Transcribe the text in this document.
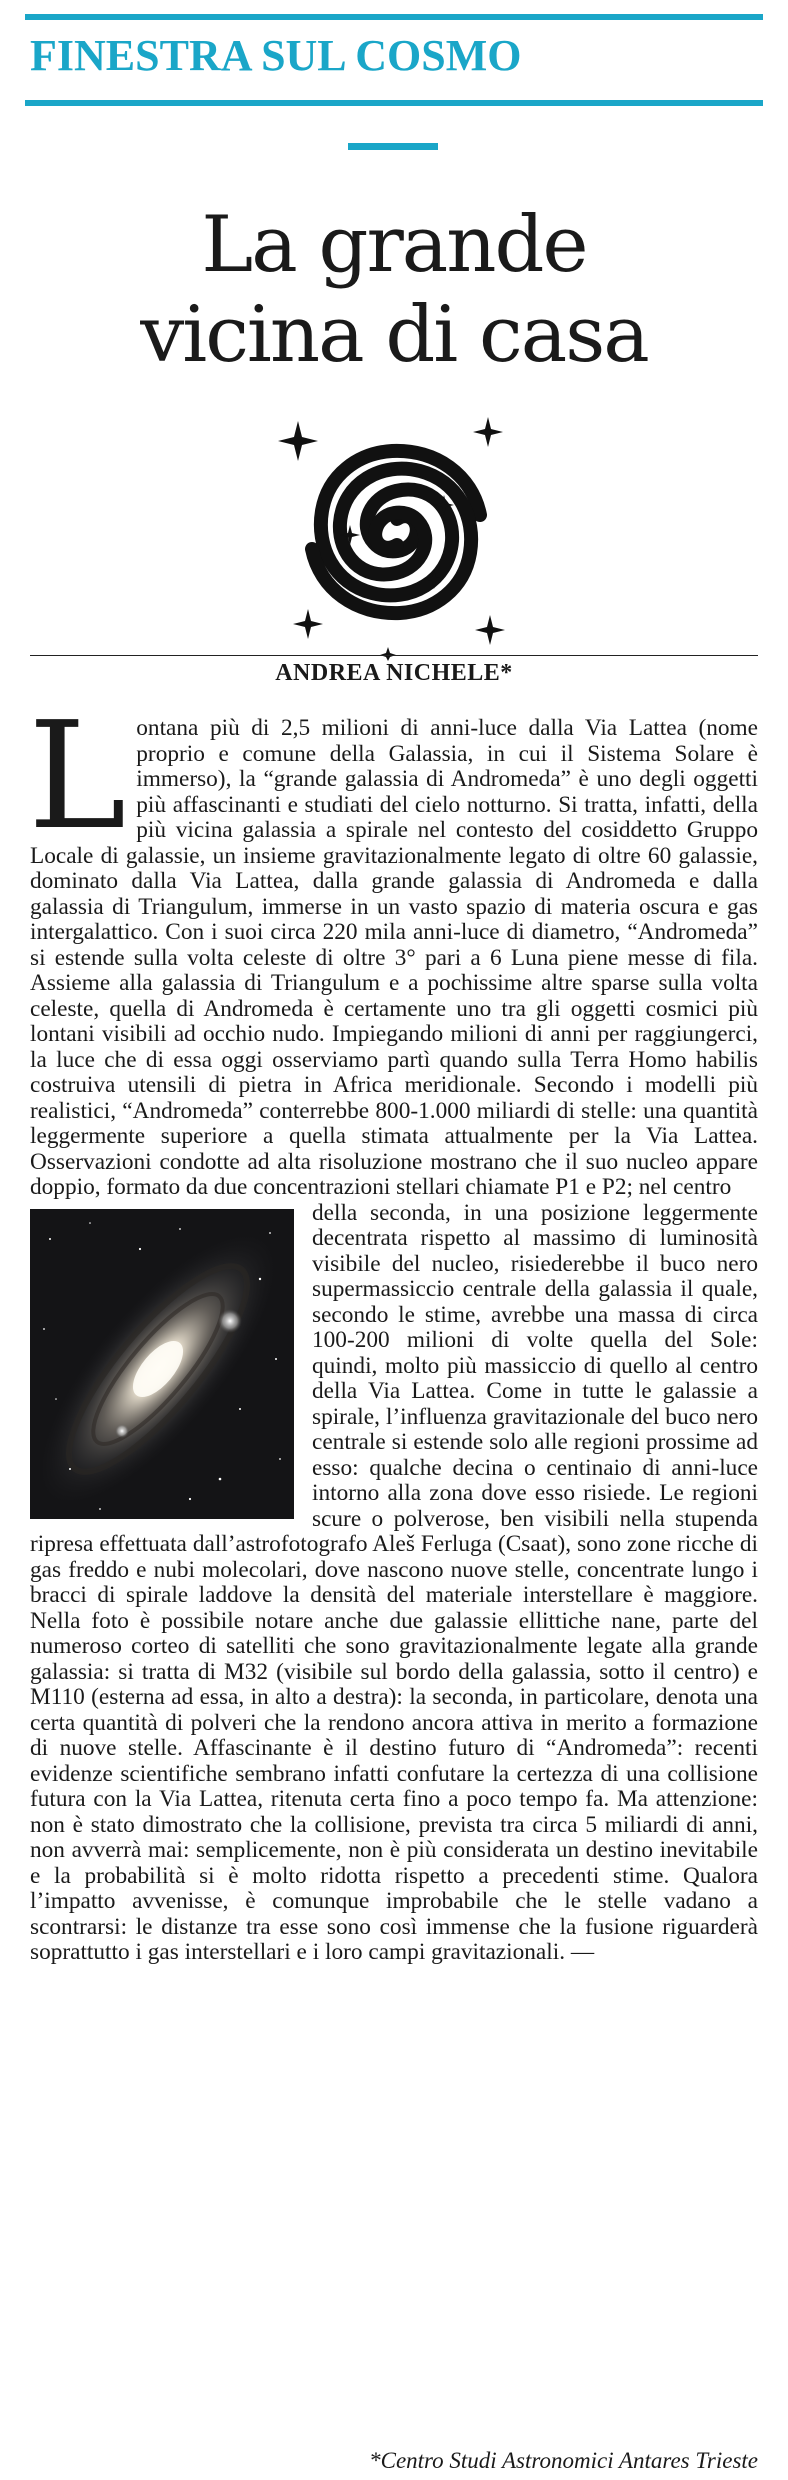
FINESTRA SUL COSMO
La grande
vicina di casa
ANDREA NICHELE*

L ontana più di 2,5 milioni di anni-luce dalla Via Lattea (nome proprio e comune della Galassia, in cui il Sistema Solare è immerso), la “grande galassia di Andromeda” è uno degli oggetti più affascinanti e studiati del cielo notturno. Si tratta, infatti, della più vicina galassia a spirale nel contesto del cosiddetto Gruppo Locale di galassie, un insieme gravitazionalmente legato di oltre 60 galassie, dominato dalla Via Lattea, dalla grande galassia di Andromeda e dalla galassia di Triangulum, immerse in un vasto spazio di materia oscura e gas intergalattico. Con i suoi circa 220 mila anni-luce di diametro, “Andromeda” si estende sulla volta celeste di oltre 3° pari a 6 Luna piene messe di fila. Assieme alla galassia di Triangulum e a pochissime altre sparse sulla volta celeste, quella di Andromeda è certamente uno tra gli oggetti cosmici più lontani visibili ad occhio nudo. Impiegando milioni di anni per raggiungerci, la luce che di essa oggi osserviamo partì quando sulla Terra Homo habilis costruiva utensili di pietra in Africa meridionale. Secondo i modelli più realistici, “Andromeda” conterrebbe 800-1.000 miliardi di stelle: una quantità leggermente superiore a quella stimata attualmente per la Via Lattea. Osservazioni condotte ad alta risoluzione mostrano che il suo nucleo appare doppio, formato da due concentrazioni stellari chiamate P1 e P2; nel centro

della seconda, in una posizione leggermente decentrata rispetto al massimo di luminosità visibile del nucleo, risiederebbe il buco nero supermassiccio centrale della galassia il quale, secondo le stime, avrebbe una massa di circa 100-200 milioni di volte quella del Sole: quindi, molto più massiccio di quello al centro della Via Lattea. Come in tutte le galassie a spirale, l’influenza gravitazionale del buco nero centrale si estende solo alle regioni prossime ad esso: qualche decina o centinaio di anni-luce intorno alla zona dove esso risiede. Le regioni scure o polverose, ben visibili nella stupenda ripresa effettuata dall’astrofotografo Aleš Ferluga (Csaat), sono zone ricche di gas freddo e nubi molecolari, dove nascono nuove stelle, concentrate lungo i bracci di spirale laddove la densità del materiale interstellare è maggiore. Nella foto è possibile notare anche due galassie ellittiche nane, parte del numeroso corteo di satelliti che sono gravitazionalmente legate alla grande galassia: si tratta di M32 (visibile sul bordo della galassia, sotto il centro) e M110 (esterna ad essa, in alto a destra): la seconda, in particolare, denota una certa quantità di polveri che la rendono ancora attiva in merito a formazione di nuove stelle. Affascinante è il destino futuro di “Andromeda”: recenti evidenze scientifiche sembrano infatti confutare la certezza di una collisione futura con la Via Lattea, ritenuta certa fino a poco tempo fa. Ma attenzione: non è stato dimostrato che la collisione, prevista tra circa 5 miliardi di anni, non avverrà mai: semplicemente, non è più considerata un destino inevitabile e la probabilità si è molto ridotta rispetto a precedenti stime. Qualora l’impatto avvenisse, è comunque improbabile che le stelle vadano a scontrarsi: le distanze tra esse sono così immense che la fusione riguarderà soprattutto i gas interstellari e i loro campi gravitazionali. —

*Centro Studi Astronomici Antares Trieste
